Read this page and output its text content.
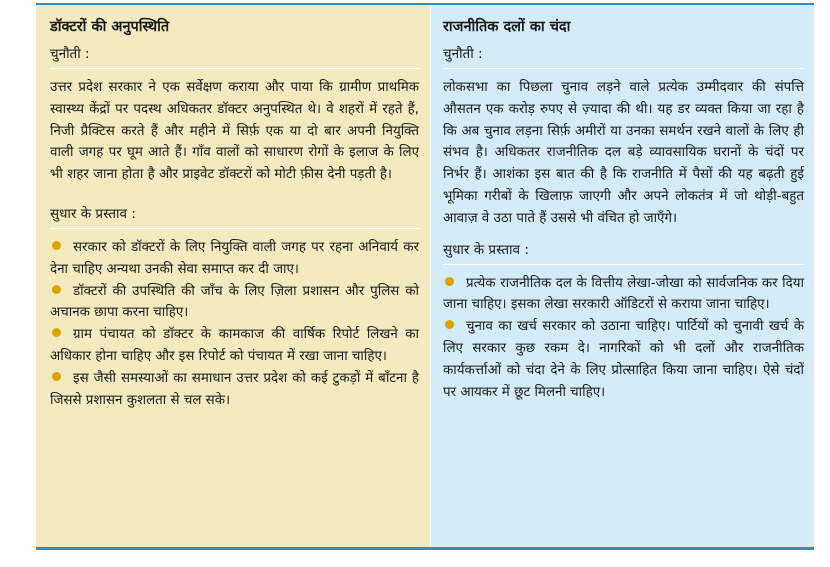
डॉक्टरों की अनुपस्थिति

चुनौती :

उत्तर प्रदेश सरकार ने एक सर्वेक्षण कराया और पाया कि ग्रामीण प्राथमिक स्वास्थ्य केंद्रों पर पदस्थ अधिकतर डॉक्टर अनुपस्थित थे। वे शहरों में रहते हैं, निजी प्रैक्टिस करते हैं और महीने में सिर्फ़ एक या दो बार अपनी नियुक्ति वाली जगह पर घूम आते हैं। गाँव वालों को साधारण रोगों के इलाज के लिए भी शहर जाना होता है और प्राइवेट डॉक्टरों को मोटी फ़ीस देनी पड़ती है।

सुधार के प्रस्ताव :

सरकार को डॉक्टरों के लिए नियुक्ति वाली जगह पर रहना अनिवार्य कर देना चाहिए अन्यथा उनकी सेवा समाप्त कर दी जाए।

डॉक्टरों की उपस्थिति की जाँच के लिए ज़िला प्रशासन और पुलिस को अचानक छापा करना चाहिए।

ग्राम पंचायत को डॉक्टर के कामकाज की वार्षिक रिपोर्ट लिखने का अधिकार होना चाहिए और इस रिपोर्ट को पंचायत में रखा जाना चाहिए।

इस जैसी समस्याओं का समाधान उत्तर प्रदेश को कई टुकड़ों में बाँटना है जिससे प्रशासन कुशलता से चल सके।

राजनीतिक दलों का चंदा

चुनौती :

लोकसभा का पिछला चुनाव लड़ने वाले प्रत्येक उम्मीदवार की संपत्ति औसतन एक करोड़ रुपए से ज़्यादा की थी। यह डर व्यक्त किया जा रहा है कि अब चुनाव लड़ना सिर्फ़ अमीरों या उनका समर्थन रखने वालों के लिए ही संभव है। अधिकतर राजनीतिक दल बड़े व्यावसायिक घरानों के चंदों पर निर्भर हैं। आशंका इस बात की है कि राजनीति में पैसों की यह बढ़ती हुई भूमिका गरीबों के खिलाफ़ जाएगी और अपने लोकतंत्र में जो थोड़ी-बहुत आवाज़ वे उठा पाते हैं उससे भी वंचित हो जाएँगे।

सुधार के प्रस्ताव :

प्रत्येक राजनीतिक दल के वित्तीय लेखा-जोखा को सार्वजनिक कर दिया जाना चाहिए। इसका लेखा सरकारी ऑडिटरों से कराया जाना चाहिए।

चुनाव का खर्च सरकार को उठाना चाहिए। पार्टियों को चुनावी खर्च के लिए सरकार कुछ रकम दे। नागरिकों को भी दलों और राजनीतिक कार्यकर्त्ताओं को चंदा देने के लिए प्रोत्साहित किया जाना चाहिए। ऐसे चंदों पर आयकर में छूट मिलनी चाहिए।
